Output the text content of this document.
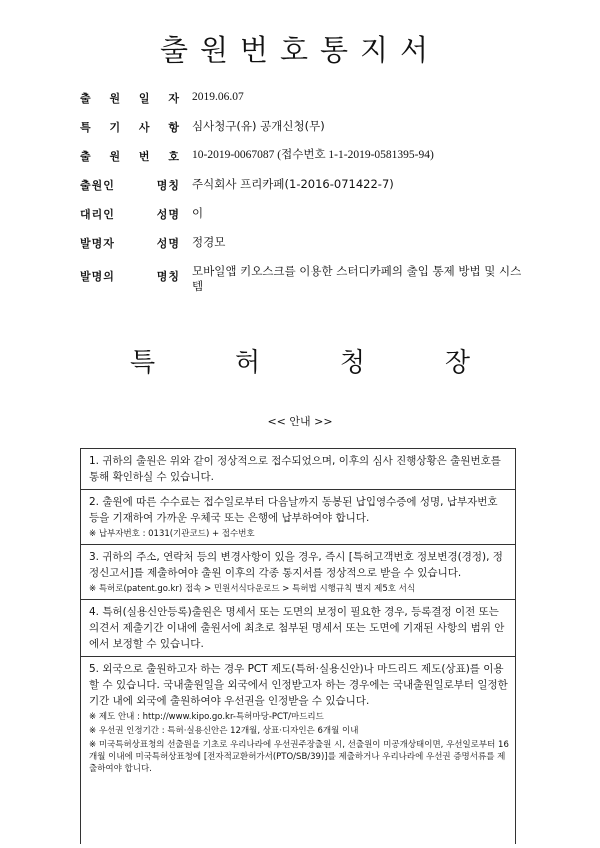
출원번호통지서
출 원 일 자 2019.06.07
특 기 사 항 심사청구(유) 공개신청(무)
출 원 번 호 10-2019-0067087 (접수번호 1-1-2019-0581395-94)
출원인 명칭 주식회사 프리카페(1-2016-071422-7)
대리인 성명 이
발명자 성명 정경모
발명의 명칭 모바일앱 키오스크를 이용한 스터디카페의 출입 통제 방법 및 시스템
특	허	청	장
<< 안내 >>

1. 귀하의 출원은 위와 같이 정상적으로 접수되었으며, 이후의 심사 진행상황은 출원번호를 통해 확인하실 수 있습니다.

2. 출원에 따른 수수료는 접수일로부터 다음날까지 동봉된 납입영수증에 성명, 납부자번호 등을 기재하여 가까운 우체국 또는 은행에 납부하여야 합니다.

※ 납부자번호 : 0131(기관코드) + 접수번호

3. 귀하의 주소, 연락처 등의 변경사항이 있을 경우, 즉시 [특허고객번호 정보변경(경정), 정정신고서]를 제출하여야 출원 이후의 각종 통지서를 정상적으로 받을 수 있습니다.

※ 특허로(patent.go.kr) 접속 > 민원서식다운로드 > 특허법 시행규칙 별지 제5호 서식

4. 특허(실용신안등록)출원은 명세서 또는 도면의 보정이 필요한 경우, 등록결정 이전 또는 의견서 제출기간 이내에 출원서에 최초로 첨부된 명세서 또는 도면에 기재된 사항의 범위 안에서 보정할 수 있습니다.

5. 외국으로 출원하고자 하는 경우 PCT 제도(특허·실용신안)나 마드리드 제도(상표)를 이용할 수 있습니다. 국내출원일을 외국에서 인정받고자 하는 경우에는 국내출원일로부터 일정한 기간 내에 외국에 출원하여야 우선권을 인정받을 수 있습니다.

※ 제도 안내 : http://www.kipo.go.kr-특허마당-PCT/마드리드
※ 우선권 인정기간 : 특허·실용신안은 12개월, 상표·디자인은 6개월 이내
※ 미국특허상표청의 선출원을 기초로 우리나라에 우선권주장출원 시, 선출원이 미공개상태이면, 우선일로부터 16개월 이내에 미국특허상표청에 [전자적교환허가서(PTO/SB/39)]를 제출하거나 우리나라에 우선권 증명서류를 제출하여야 합니다.
